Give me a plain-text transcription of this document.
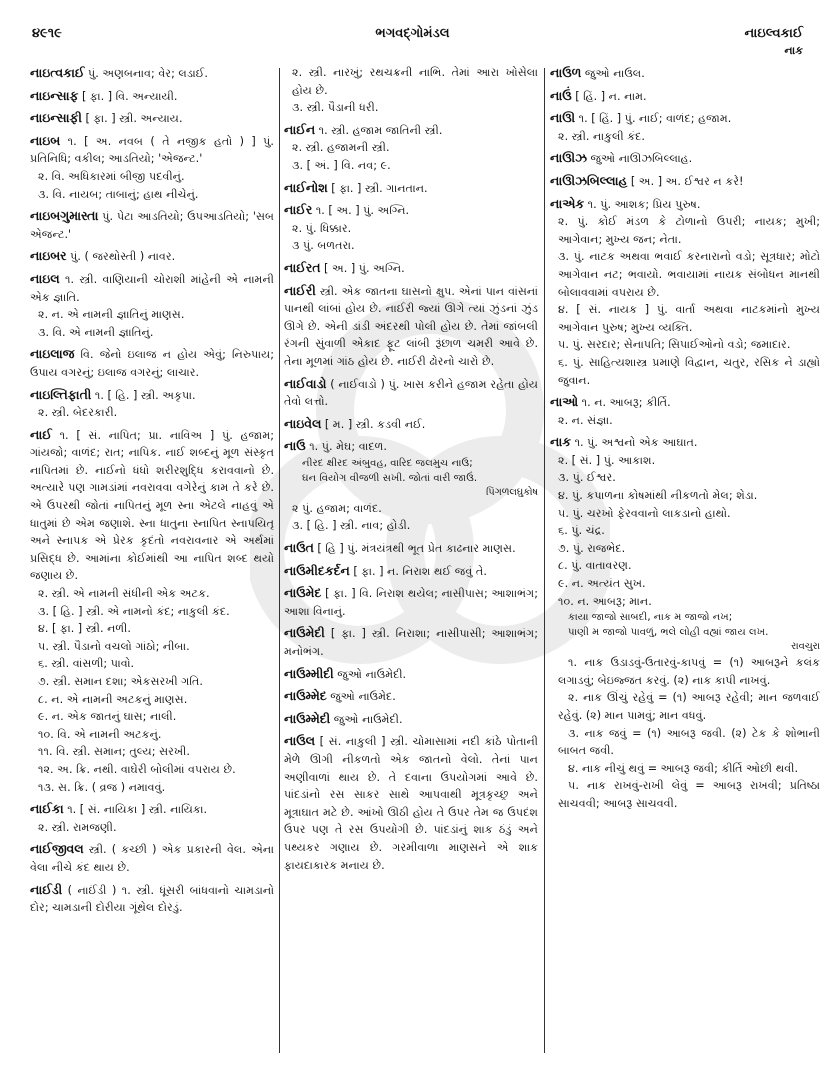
૪૯૧૯	ભગવદ્ગોમંડલ	નાઇલ્વકાઈ
નાક
નાઇત્વકાઈ પું. અણબનાવ; વેર; લડાઈ.
નાઇન્સાફ [ ફા. ] વિ. અન્યાયી.
નાઇન્સાફી [ ફા. ] સ્ત્રી. અન્યાય.
નાઇબ ૧. [ અ. નવબ ( તે નજીક હતો ) ] પું. પ્રતિનિધિ; વકીલ; આડતિયો; 'એજન્ટ.'
૨. વિ. અધિકારમાં બીજી પદવીનું.
૩. વિ. નાયબ; તાબાનું; હાથ નીચેનું.
નાઇબગુમાસ્તા પું. પેટા આડતિયો; ઉપઆડતિયો; 'સબ એજન્ટ.'
નાઇબર પું. ( જરથોસ્તી ) નાવર.
નાઇલ ૧. સ્ત્રી. વાણિયાની ચોરાશી માંહેની એ નામની એક જ્ઞાતિ.
૨. ન. એ નામની જ્ઞાતિનું માણસ.
૩. વિ. એ નામની જ્ઞાતિનું.
નાઇલાજ વિ. જેનો ઇલાજ ન હોય એવું; નિરુપાય; ઉપાય વગરનું; ઇલાજ વગરનું; લાચાર.
નાઇલ્તિફાતી ૧. [ હિ. ] સ્ત્રી. અકૃપા.
૨. સ્ત્રી. બેદરકારી.
નાઈ ૧. [ સં. નાપિત; પ્રા. નાવિઅ ] પું. હજામ; ગાંયજો; વાળંદ; રાત; નાપિક. નાઈ શબ્દનું મૂળ સંસ્કૃત નાપિતમાં છે. નાઈનો ધંધો શરીરશુદ્ધિ કરાવવાનો છે. અત્યારે પણ ગામડાંમાં નવરાવવા વગેરેનું કામ તે કરે છે. એ ઉપરથી જોતાં નાપિતનું મૂળ સ્ના એટલે નાહવું એ ધાતુમાં છે એમ જણાશે. સ્ના ધાતુના સ્નાપિત સ્નાપયિતૃ અને સ્નાપક એ પ્રેરક કૃદંતો નવરાવનાર એ અર્થમાં પ્રસિદ્ધ છે. આમાંના કોઈમાંથી આ નાપિત શબ્દ થયો જણાય છે.
૨. સ્ત્રી. એ નામની સંધીની એક અટક.
૩. [ હિ. ] સ્ત્રી. એ નામનો કંદ; નાકુલી કંદ.
૪. [ ફા. ] સ્ત્રી. નળી.
૫. સ્ત્રી. પૈડાનો વચલો ગાંઠો; નીબા.
૬. સ્ત્રી. વાંસળી; પાવો.
૭. સ્ત્રી. સમાન દશા; એકસરખી ગતિ.
૮. ન. એ નામની અટકનું માણસ.
૯. ન. એક જાતનું ઘાસ; નાલી.
૧૦. વિ. એ નામની અટકનું.
૧૧. વિ. સ્ત્રી. સમાન; તુલ્ય; સરખી.
૧૨. અ. ક્રિ. નથી. વાઘેરી બોલીમાં વપરાય છે.
૧૩. સ. ક્રિ. ( વ્રજ ) નમાવવું.
નાઈકા ૧. [ સં. નાયિકા ] સ્ત્રી. નાયિકા.
૨. સ્ત્રી. રામજણી.
નાઈજીવલ સ્ત્રી. ( કચ્છી ) એક પ્રકારની વેલ. એના વેલા નીચે કંદ થાય છે.
નાઈડી ( નાઈંડી ) ૧. સ્ત્રી. ધૂંસરી બાંધવાનો ચામડાનો દોર; ચામડાની દોરીયા ગૂંથેલ દોરડું.
૨. સ્ત્રી. નારખું; રથચક્રની નાભિ. તેમાં આરા ખોસેલા હોય છે.
૩. સ્ત્રી. પૈડાની ધરી.
નાઈન ૧. સ્ત્રી. હજામ જાતિની સ્ત્રી.
૨. સ્ત્રી. હજામની સ્ત્રી.
૩. [ અં. ] વિ. નવ; ૯.
નાઈનોશ [ ફા. ] સ્ત્રી. ગાનતાન.
નાઈર ૧. [ અ. ] પું. અગ્નિ.
૨. પું. ધિક્કાર.
૩ પું. બળતરા.
નાઈરત [ અ. ] પું. અગ્નિ.
નાઈરી સ્ત્રી. એક જાતના ઘાસનો ક્ષુપ. એનાં પાન વાંસનાં પાનથી લાંબાં હોય છે. નાઈરી જ્યાં ઊગે ત્યાં ઝુંડનાં ઝુંડ ઊગે છે. એની ડાંડી અંદરથી પોલી હોય છે. તેમાં જાંબલી રંગની સુંવાળી એકાદ ફૂટ લાંબી રૂંછાળ ચમરી આવે છે. તેના મૂળમાં ગાંઠ હોય છે. નાઈરી ઢોરનો ચારો છે.
નાઈવાડો ( નાઈવાડો ) પું. ખાસ કરીને હજામ રહેતા હોય તેવો લત્તો.
નાઇવેલ [ મ. ] સ્ત્રી. કડવી નઈ.
નાઉ ૧. પું. મેઘ; વાદળ.
નીરદ ક્ષીરદ અંબુવહ, વારિદ જલમુચ નાઉ;
ઘન વિયોગ વીજળી સખી. જોતાં વારી જાઉં.
પિંગળલઘુકોષ
૨ પું. હજામ; વાળંદ.
૩. [ હિ. ] સ્ત્રી. નાવ; હોડી.
નાઉત [ હિ ] પું. મંત્રયંત્રથી ભૂત પ્રેત કાઢનાર માણસ.
નાઉમીદકર્દન [ ફા. ] ન. નિરાશ થઈ જવું તે.
નાઉમેદ [ ફા. ] વિ. નિરાશ થયેલ; નાસીપાસ; આશાભંગ; આશા વિનાનું.
નાઉમેદી [ ફા. ] સ્ત્રી. નિરાશા; નાસીપાસી; આશાભંગ; મનોભંગ.
નાઉમ્મીદી જુઓ નાઉમેદી.
નાઉમ્મેદ જુઓ નાઉમેદ.
નાઉમ્મેદી જુઓ નાઉમેદી.
નાઉલ [ સં. નાકુલી ] સ્ત્રી. ચોમાસામાં નદી કાંઠે પોતાની મેળે ઊગી નીકળતો એક જાતનો વેલો. તેનાં પાન અણીવાળાં થાય છે. તે દવાના ઉપયોગમાં આવે છે. પાંદડાંનો રસ સાકર સાથે આપવાથી મૂત્રકૃચ્છ્ર અને મૂત્રાઘાત મટે છે. આંખો ઊઠી હોય તે ઉપર તેમ જ ઉપદંશ ઉપર પણ તે રસ ઉપયોગી છે. પાંદડાંનું શાક ઠંડું અને પથ્યકર ગણાય છે. ગરમીવાળા માણસને એ શાક ફાયદાકારક મનાય છે.
નાઉળ જુઓ નાઉલ.
નાઉં [ હિં. ] ન. નામ.
નાઊ ૧. [ હિં. ] પું. નાઈ; વાળંદ; હજામ.
૨. સ્ત્રી. નાકુલી કંદ.
નાઊઝ જુઓ નાઊઝબિલ્લાહ.
નાઊઝબિલ્લાહ [ અ. ] અ. ઈશ્વર ન કરે!
નાએક ૧. પું. આશક; પ્રિય પુરુષ.
૨. પું. કોઈ મંડળ કે ટોળાનો ઉપરી; નાયક; મુખી; આગેવાન; મુખ્ય જન; નેતા.
૩. પું. નાટક અથવા ભવાઈ કરનારાનો વડો; સૂત્રધાર; મોટો આગેવાન નટ; ભવાયો. ભવાયામાં નાયક સંબોધન માનથી બોલાવવામાં વપરાય છે.
૪. [ સં. નાયક ] પું. વાર્તા અથવા નાટકમાંનો મુખ્ય આગેવાન પુરુષ; મુખ્ય વ્યક્તિ.
૫. પું. સરદાર; સેનાપતિ; સિપાઈઓનો વડો; જમાદાર.
૬. પું. સાહિત્યશાસ્ત્ર પ્રમાણે વિદ્વાન, ચતુર, રસિક ને ડાહ્યો જુવાન.
નાઓ ૧. ન. આબરૂ; કીર્તિ.
૨. ન. સંજ્ઞા.
નાક ૧. પું. અશ્વનો એક આઘાત.
૨. [ સં. ] પું. આકાશ.
૩. પું. ઈશ્વર.
૪. પું. કપાળના કોષમાંથી નીકળતો મેલ; શેડા.
૫. પું. ચરખો ફેરવવાનો લાકડાનો હાથો.
૬. પું. ચંદ્ર.
૭. પું. રાજભેદ.
૮. પું. વાતાવરણ.
૯. ન. અત્યંત સુખ.
૧૦. ન. આબરૂ; માન.
કાયા જાજો સાબદી, નાક મ જાજો નખ;
પાણી મ જાજો પાવળું, ભલે લોહી વહ્યાં જાય લખ.
રાવચુરા
૧. નાક ઉડાડવું-ઉતારવું-કાપવું = (૧) આબરૂને કલંક લગાડવું; બેઇજ્જત કરવું. (૨) નાક કાપી નાખવું.
૨. નાક ઊંચું રહેવું = (૧) આબરૂ રહેવી; માન જળવાઈ રહેવું. (૨) માન પામવું; માન વધવું.
૩. નાક જવું = (૧) આબરૂ જવી. (૨) ટેક કે શોભાની બાબત જવી.
૪. નાક નીચું થવું = આબરૂ જવી; કીર્તિ ઓછી થવી.
૫. નાક રાખવું-રાખી લેવું = આબરૂ રાખવી; પ્રતિષ્ઠા સાચવવી; આબરૂ સાચવવી.
